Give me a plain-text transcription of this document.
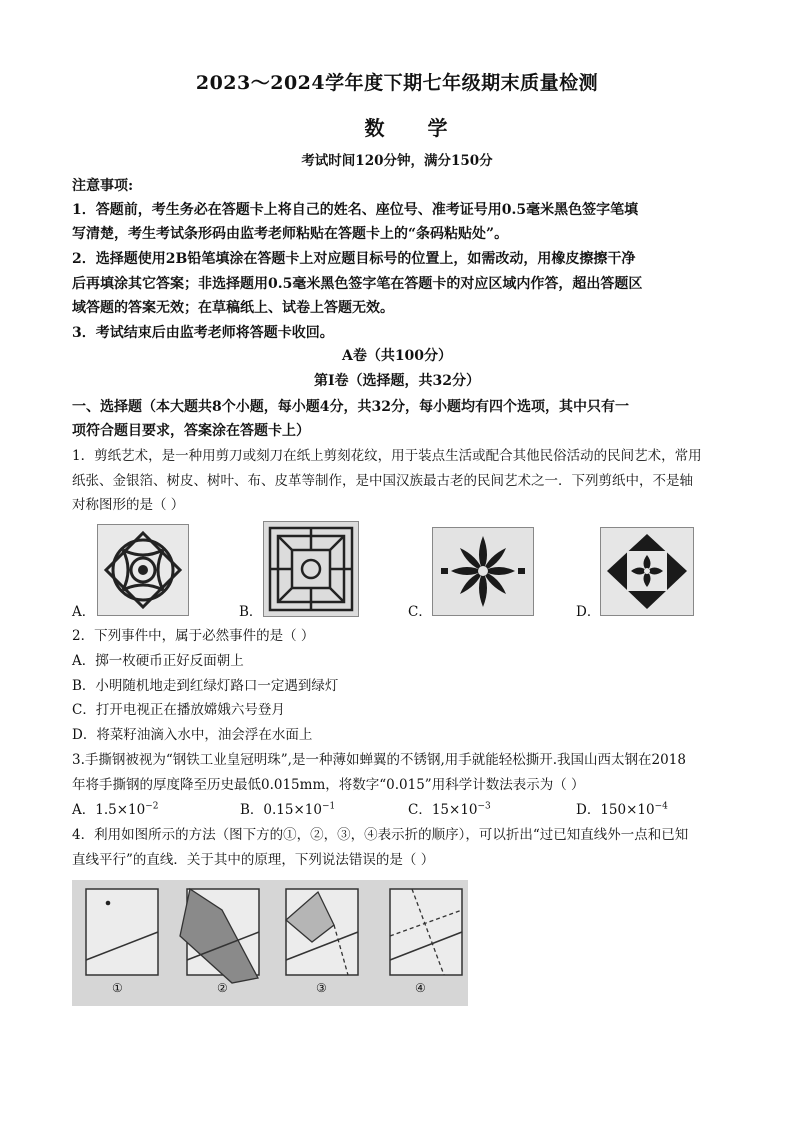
2023～2024学年度下期七年级期末质量检测
数 学
考试时间120分钟，满分150分
注意事项:
1．答题前，考生务必在答题卡上将自己的姓名、座位号、准考证号用0.5毫米黑色签字笔填
写清楚，考生考试条形码由监考老师粘贴在答题卡上的“条码粘贴处”。
2．选择题使用2B铅笔填涂在答题卡上对应题目标号的位置上，如需改动，用橡皮擦擦干净
后再填涂其它答案；非选择题用0.5毫米黑色签字笔在答题卡的对应区域内作答，超出答题区
域答题的答案无效；在草稿纸上、试卷上答题无效。
3．考试结束后由监考老师将答题卡收回。
A卷（共100分）
第Ⅰ卷（选择题，共32分）
一、选择题（本大题共8个小题，每小题4分，共32分，每小题均有四个选项，其中只有一
项符合题目要求，答案涂在答题卡上）
1．剪纸艺术，是一种用剪刀或刻刀在纸上剪刻花纹，用于装点生活或配合其他民俗活动的民间艺术，常用
纸张、金银箔、树皮、树叶、布、皮革等制作，是中国汉族最古老的民间艺术之一．下列剪纸中，不是轴
对称图形的是（ ）
A．	B．	C．	D．
2．下列事件中，属于必然事件的是（ ）
A．掷一枚硬币正好反面朝上
B．小明随机地走到红绿灯路口一定遇到绿灯
C．打开电视正在播放嫦娥六号登月
D．将菜籽油滴入水中，油会浮在水面上
3.手撕钢被视为“钢铁工业皇冠明珠”,是一种薄如蝉翼的不锈钢,用手就能轻松撕开.我国山西太钢在2018
年将手撕钢的厚度降至历史最低0.015mm，将数字“0.015”用科学计数法表示为（ ）
A．$1.5\times 10^{-2}$	B．$0.15\times 10^{-1}$	C．$15\times 10^{-3}$	D．$150\times 10^{-4}$
4．利用如图所示的方法（图下方的①，②，③，④表示折的顺序），可以折出“过已知直线外一点和已知
直线平行”的直线．关于其中的原理，下列说法错误的是（ ）
①	②	③	④
